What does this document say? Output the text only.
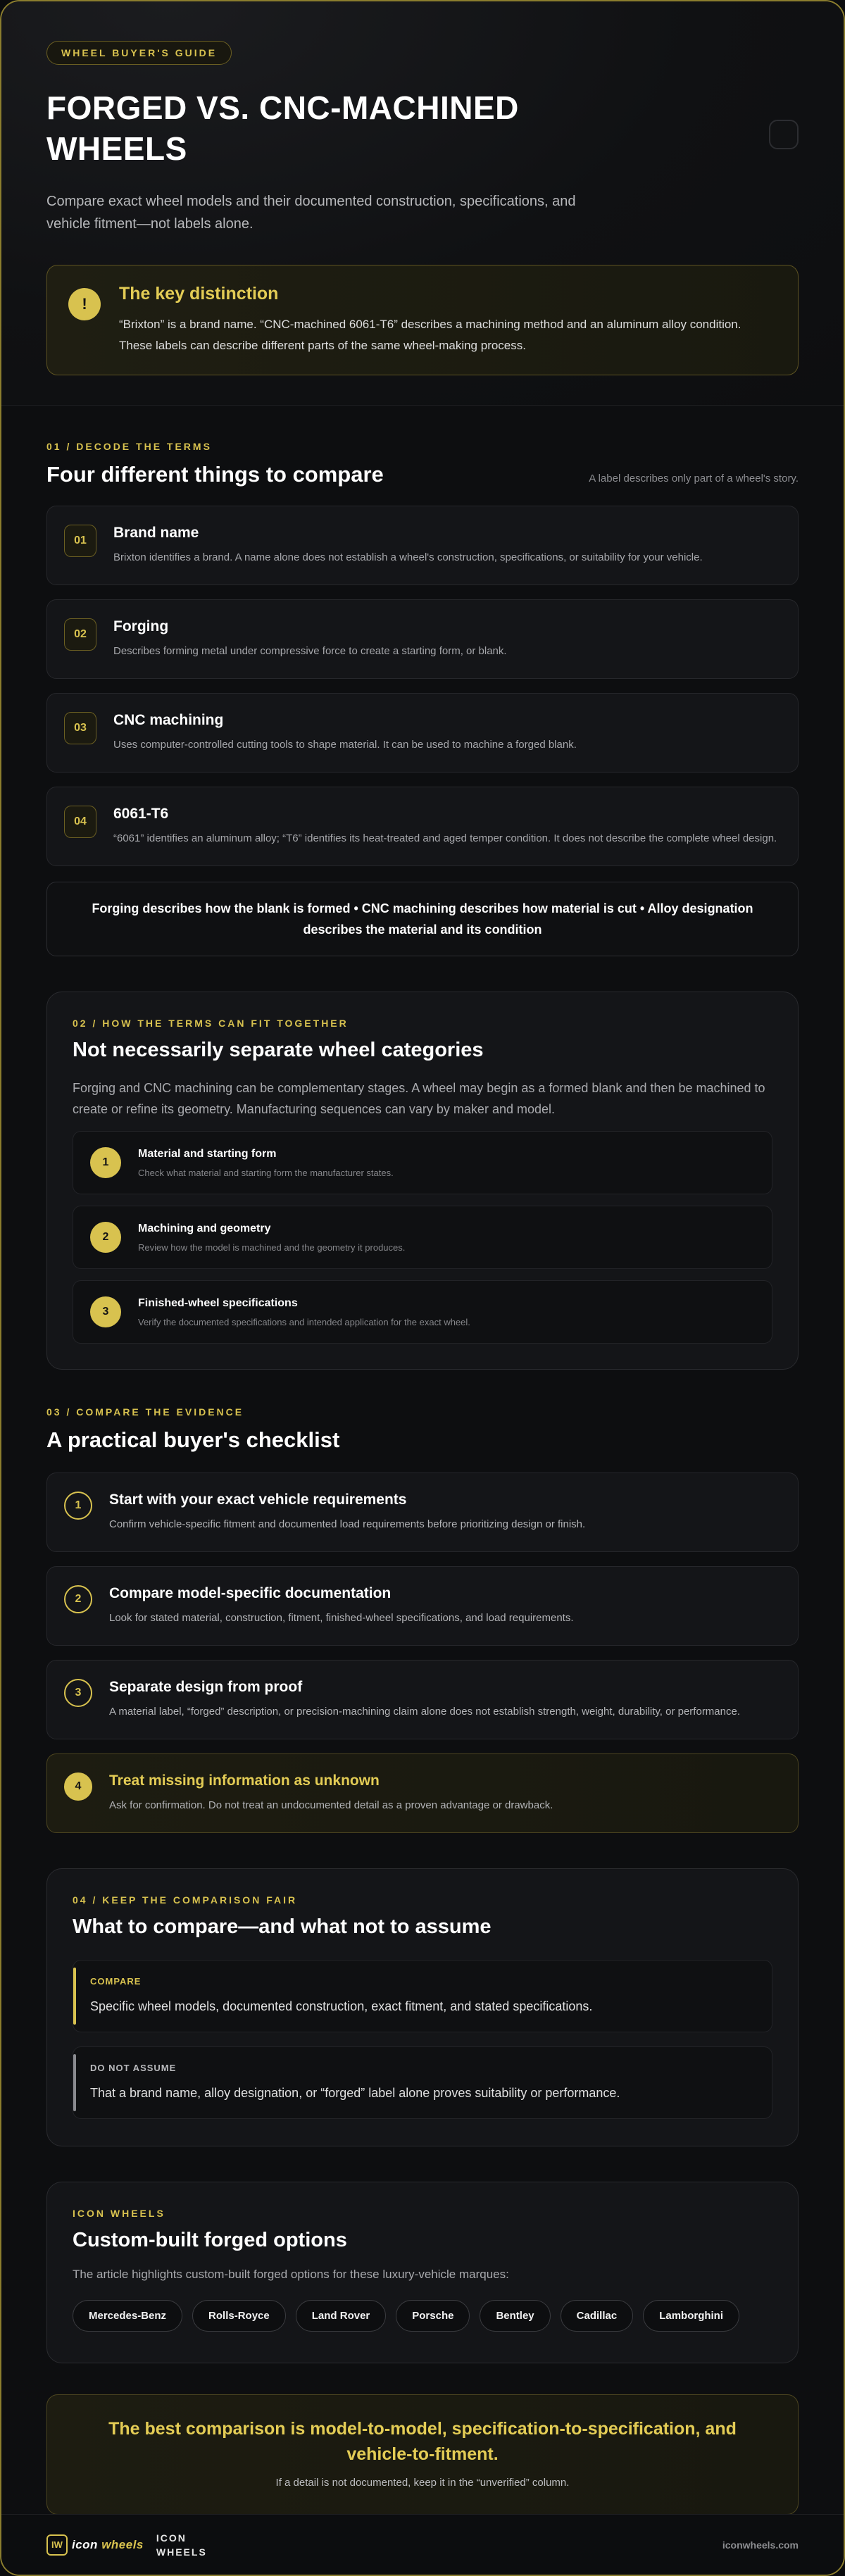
WHEEL BUYER'S GUIDE
FORGED VS. CNC-MACHINED WHEELS

Compare exact wheel models and their documented construction, specifications, and vehicle fitment—not labels alone.

!
The key distinction
“Brixton” is a brand name. “CNC-machined 6061-T6” describes a machining method and an aluminum alloy condition. These labels can describe different parts of the same wheel-making process.
01 / DECODE THE TERMS
Four different things to compare	A label describes only part of a wheel's story.
01	Brand name
Brixton identifies a brand. A name alone does not establish a wheel's construction, specifications, or suitability for your vehicle.
02	Forging
Describes forming metal under compressive force to create a starting form, or blank.
03	CNC machining
Uses computer-controlled cutting tools to shape material. It can be used to machine a forged blank.
04	6061-T6
“6061” identifies an aluminum alloy; “T6” identifies its heat-treated and aged temper condition. It does not describe the complete wheel design.
Forging describes how the blank is formed • CNC machining describes how material is cut • Alloy designation describes the material and its condition
02 / HOW THE TERMS CAN FIT TOGETHER
Not necessarily separate wheel categories

Forging and CNC machining can be complementary stages. A wheel may begin as a formed blank and then be machined to create or refine its geometry. Manufacturing sequences can vary by maker and model.

1
Material and starting form
Check what material and starting form the manufacturer states.
2
Machining and geometry
Review how the model is machined and the geometry it produces.
3
Finished-wheel specifications
Verify the documented specifications and intended application for the exact wheel.
03 / COMPARE THE EVIDENCE
A practical buyer's checklist
1	Start with your exact vehicle requirements
Confirm vehicle-specific fitment and documented load requirements before prioritizing design or finish.
2	Compare model-specific documentation
Look for stated material, construction, fitment, finished-wheel specifications, and load requirements.
3	Separate design from proof
A material label, “forged” description, or precision-machining claim alone does not establish strength, weight, durability, or performance.
4	Treat missing information as unknown
Ask for confirmation. Do not treat an undocumented detail as a proven advantage or drawback.
04 / KEEP THE COMPARISON FAIR
What to compare—and what not to assume
COMPARE
Specific wheel models, documented construction, exact fitment, and stated specifications.
DO NOT ASSUME
That a brand name, alloy designation, or “forged” label alone proves suitability or performance.
ICON WHEELS
Custom-built forged options

The article highlights custom-built forged options for these luxury-vehicle marques:

Mercedes-Benz	Rolls-Royce	Land Rover	Porsche	Bentley	Cadillac	Lamborghini
The best comparison is model-to-model, specification-to-specification, and vehicle-to-fitment.
If a detail is not documented, keep it in the “unverified” column.
IW icon wheels ICON
WHEELS
iconwheels.com
